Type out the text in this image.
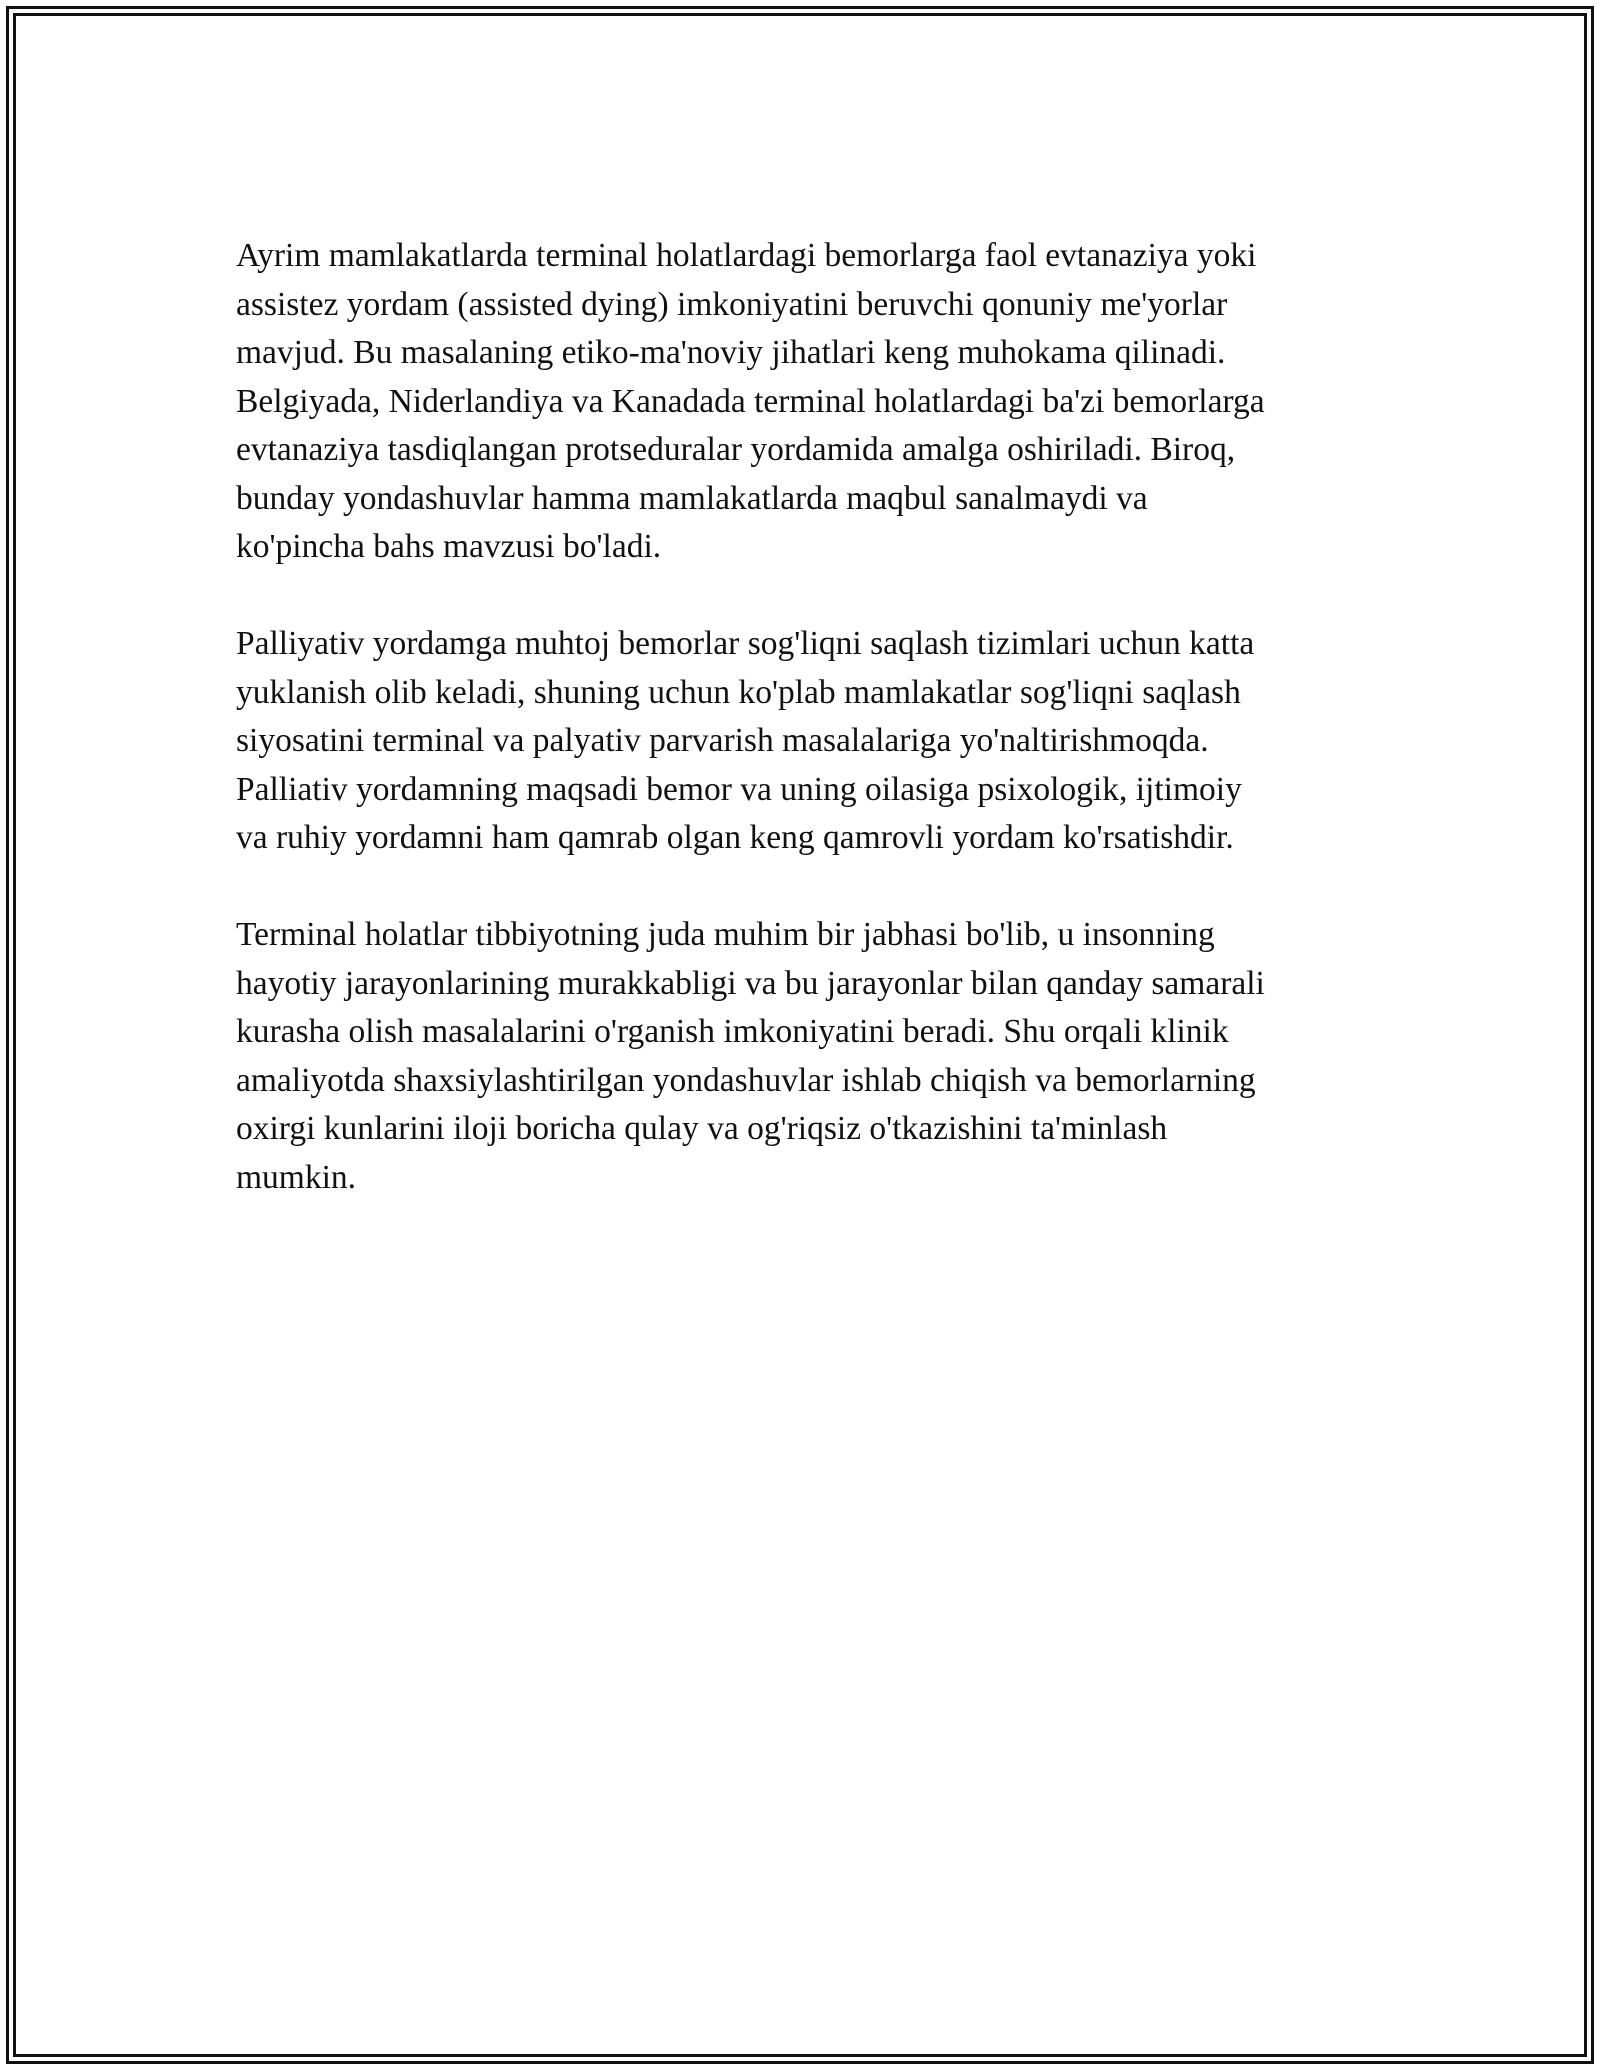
Ayrim mamlakatlarda terminal holatlardagi bemorlarga faol evtanaziya yoki
assistez yordam (assisted dying) imkoniyatini beruvchi qonuniy me'yorlar
mavjud. Bu masalaning etiko-ma'noviy jihatlari keng muhokama qilinadi.
Belgiyada, Niderlandiya va Kanadada terminal holatlardagi ba'zi bemorlarga
evtanaziya tasdiqlangan protseduralar yordamida amalga oshiriladi. Biroq,
bunday yondashuvlar hamma mamlakatlarda maqbul sanalmaydi va
ko'pincha bahs mavzusi bo'ladi.

Palliyativ yordamga muhtoj bemorlar sog'liqni saqlash tizimlari uchun katta
yuklanish olib keladi, shuning uchun ko'plab mamlakatlar sog'liqni saqlash
siyosatini terminal va palyativ parvarish masalalariga yo'naltirishmoqda.
Palliativ yordamning maqsadi bemor va uning oilasiga psixologik, ijtimoiy
va ruhiy yordamni ham qamrab olgan keng qamrovli yordam ko'rsatishdir.

Terminal holatlar tibbiyotning juda muhim bir jabhasi bo'lib, u insonning
hayotiy jarayonlarining murakkabligi va bu jarayonlar bilan qanday samarali
kurasha olish masalalarini o'rganish imkoniyatini beradi. Shu orqali klinik
amaliyotda shaxsiylashtirilgan yondashuvlar ishlab chiqish va bemorlarning
oxirgi kunlarini iloji boricha qulay va og'riqsiz o'tkazishini ta'minlash
mumkin.
